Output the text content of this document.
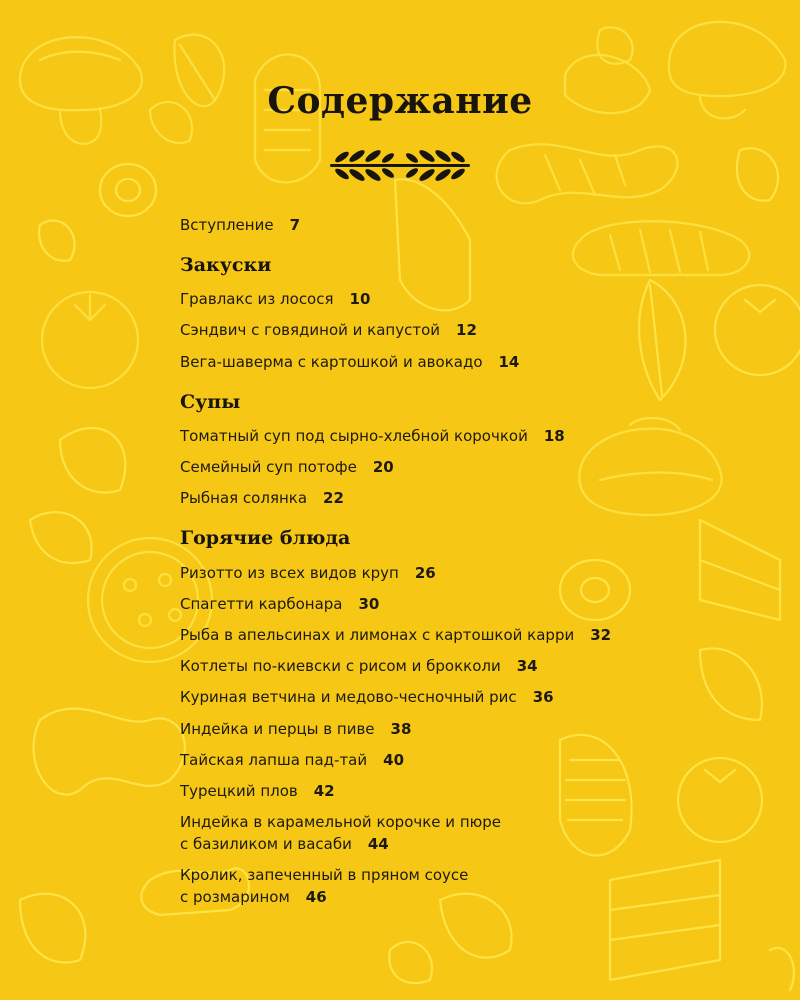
Содержание
Вступление 7
Закуски
Гравлакс из лосося 10
Сэндвич с говядиной и капустой 12
Вега-шаверма с картошкой и авокадо 14
Супы
Томатный суп под сырно-хлебной корочкой 18
Семейный суп потофе 20
Рыбная солянка 22
Горячие блюда
Ризотто из всех видов круп 26
Спагетти карбонара 30
Рыба в апельсинах и лимонах с картошкой карри 32
Котлеты по-киевски с рисом и брокколи 34
Куриная ветчина и медово-чесночный рис 36
Индейка и перцы в пиве 38
Тайская лапша пад-тай 40
Турецкий плов 42
Индейка в карамельной корочке и пюре
с базиликом и васаби 44
Кролик, запеченный в пряном соусе
с розмарином 46
